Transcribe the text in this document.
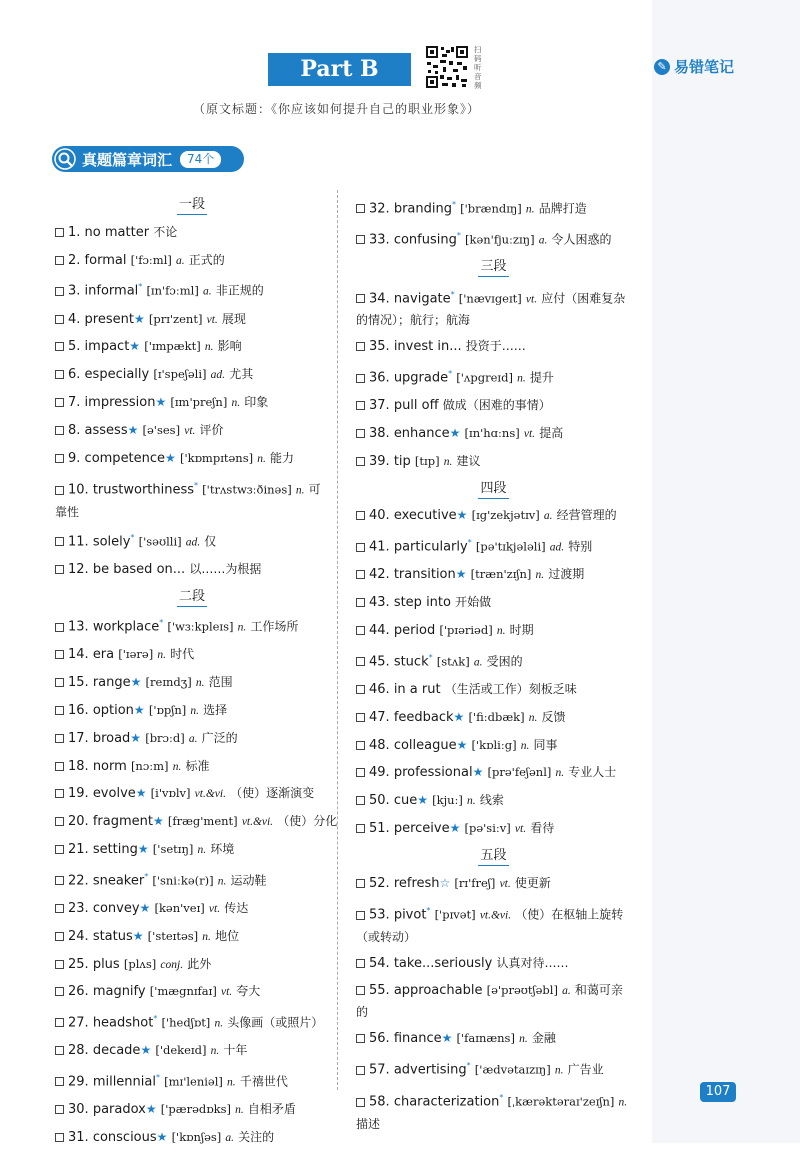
Part B
扫码听音频
✎ 易错笔记
（原文标题：《你应该如何提升自己的职业形象》）
真题篇章词汇	74个
一段
1. no matter 不论
2. formal ['fɔːml] a. 正式的
3. informal* [ɪn'fɔːml] a. 非正规的
4. present★ [prɪ'zent] vt. 展现
5. impact★ ['ɪmpækt] n. 影响
6. especially [ɪ'speʃəli] ad. 尤其
7. impression★ [ɪm'preʃn] n. 印象
8. assess★ [ə'ses] vt. 评价
9. competence★ ['kɒmpɪtəns] n. 能力
10. trustworthiness* ['trʌstwɜːðinəs] n. 可靠性
11. solely* ['səʊlli] ad. 仅
12. be based on... 以……为根据
二段
13. workplace* ['wɜːkpleɪs] n. 工作场所
14. era ['ɪərə] n. 时代
15. range★ [reɪndʒ] n. 范围
16. option★ ['ɒpʃn] n. 选择
17. broad★ [brɔːd] a. 广泛的
18. norm [nɔːm] n. 标准
19. evolve★ [i'vɒlv] vt.&vi. （使）逐渐演变
20. fragment★ [fræg'ment] vt.&vi. （使）分化
21. setting★ ['setɪŋ] n. 环境
22. sneaker* ['sniːkə(r)] n. 运动鞋
23. convey★ [kən'veɪ] vt. 传达
24. status★ ['steɪtəs] n. 地位
25. plus [plʌs] conj. 此外
26. magnify ['mægnɪfaɪ] vt. 夸大
27. headshot* ['hedʃɒt] n. 头像画（或照片）
28. decade★ ['dekeɪd] n. 十年
29. millennial* [mɪ'leniəl] n. 千禧世代
30. paradox★ ['pærədɒks] n. 自相矛盾
31. conscious★ ['kɒnʃəs] a. 关注的
32. branding* ['brændɪŋ] n. 品牌打造
33. confusing* [kən'fjuːzɪŋ] a. 令人困惑的
三段
34. navigate* ['nævɪgeɪt] vt. 应付（困难复杂的情况）；航行；航海
35. invest in... 投资于……
36. upgrade* ['ʌpgreɪd] n. 提升
37. pull off 做成（困难的事情）
38. enhance★ [ɪn'hɑːns] vt. 提高
39. tip [tɪp] n. 建议
四段
40. executive★ [ɪg'zekjətɪv] a. 经营管理的
41. particularly* [pə'tɪkjələli] ad. 特别
42. transition★ [træn'zɪʃn] n. 过渡期
43. step into 开始做
44. period ['pɪəriəd] n. 时期
45. stuck* [stʌk] a. 受困的
46. in a rut （生活或工作）刻板乏味
47. feedback★ ['fiːdbæk] n. 反馈
48. colleague★ ['kɒliːg] n. 同事
49. professional★ [prə'feʃənl] n. 专业人士
50. cue★ [kjuː] n. 线索
51. perceive★ [pə'siːv] vt. 看待
五段
52. refresh☆ [rɪ'freʃ] vt. 使更新
53. pivot* ['pɪvət] vt.&vi. （使）在枢轴上旋转（或转动）
54. take...seriously 认真对待……
55. approachable [ə'prəʊtʃəbl] a. 和蔼可亲的
56. finance★ ['faɪnæns] n. 金融
57. advertising* ['ædvətaɪzɪŋ] n. 广告业
58. characterization* [ˌkærəktəraɪ'zeɪʃn] n. 描述
107
